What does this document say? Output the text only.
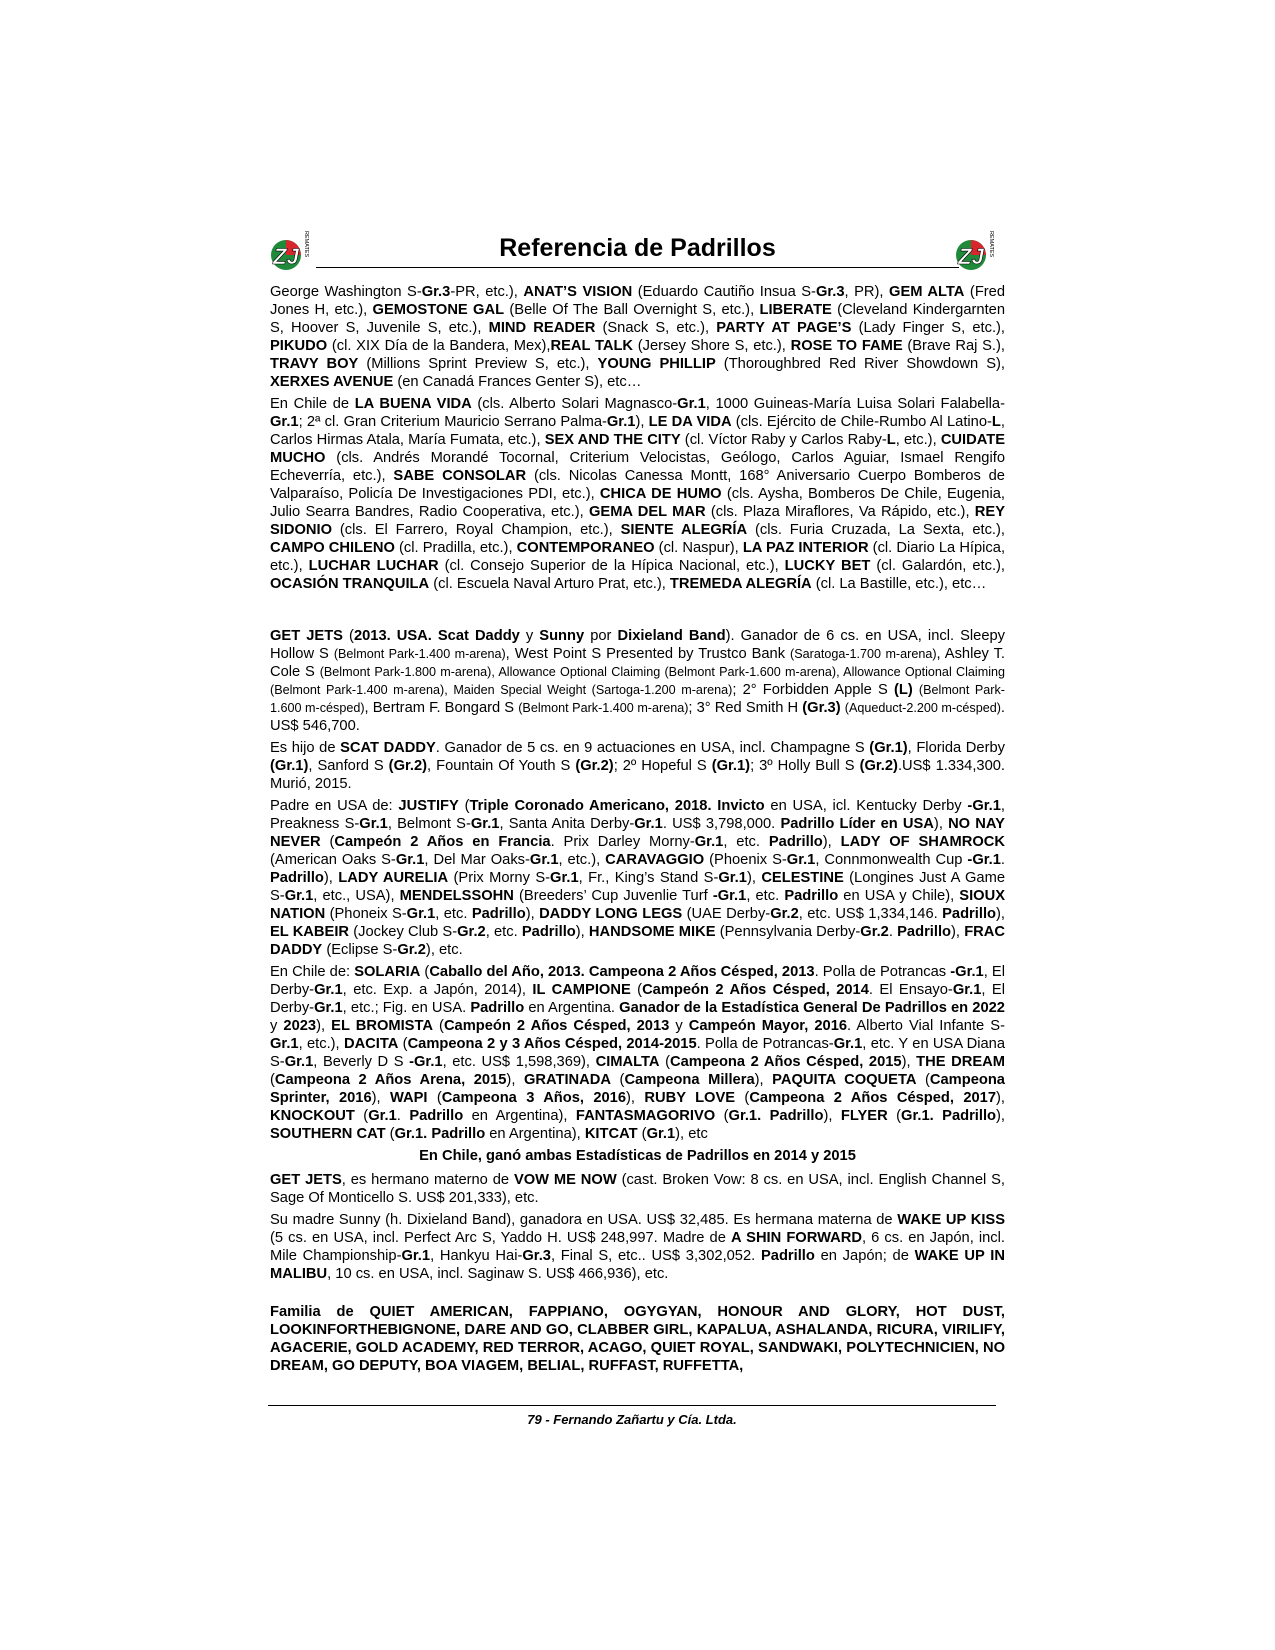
ZJ REMATES	Referencia de Padrillos	ZJ REMATES

George Washington S-Gr.3-PR, etc.), ANAT’S VISION (Eduardo Cautiño Insua S-Gr.3, PR), GEM ALTA (Fred Jones H, etc.), GEMOSTONE GAL (Belle Of The Ball Overnight S, etc.), LIBERATE (Cleveland Kindergarnten S, Hoover S, Juvenile S, etc.), MIND READER (Snack S, etc.), PARTY AT PAGE’S (Lady Finger S, etc.), PIKUDO (cl. XIX Día de la Bandera, Mex),REAL TALK (Jersey Shore S, etc.), ROSE TO FAME (Brave Raj S.), TRAVY BOY (Millions Sprint Preview S, etc.), YOUNG PHILLIP (Thoroughbred Red River Showdown S), XERXES AVENUE (en Canadá Frances Genter S), etc…

En Chile de LA BUENA VIDA (cls. Alberto Solari Magnasco-Gr.1, 1000 Guineas-María Luisa Solari Falabella-Gr.1; 2ª cl. Gran Criterium Mauricio Serrano Palma-Gr.1), LE DA VIDA (cls. Ejército de Chile-Rumbo Al Latino-L, Carlos Hirmas Atala, María Fumata, etc.), SEX AND THE CITY (cl. Víctor Raby y Carlos Raby-L, etc.), CUIDATE MUCHO (cls. Andrés Morandé Tocornal, Criterium Velocistas, Geólogo, Carlos Aguiar, Ismael Rengifo Echeverría, etc.), SABE CONSOLAR (cls. Nicolas Canessa Montt, 168° Aniversario Cuerpo Bomberos de Valparaíso, Policía De Investigaciones PDI, etc.), CHICA DE HUMO (cls. Aysha, Bomberos De Chile, Eugenia, Julio Searra Bandres, Radio Cooperativa, etc.), GEMA DEL MAR (cls. Plaza Miraflores, Va Rápido, etc.), REY SIDONIO (cls. El Farrero, Royal Champion, etc.), SIENTE ALEGRÍA (cls. Furia Cruzada, La Sexta, etc.), CAMPO CHILENO (cl. Pradilla, etc.), CONTEMPORANEO (cl. Naspur), LA PAZ INTERIOR (cl. Diario La Hípica, etc.), LUCHAR LUCHAR (cl. Consejo Superior de la Hípica Nacional, etc.), LUCKY BET (cl. Galardón, etc.), OCASIÓN TRANQUILA (cl. Escuela Naval Arturo Prat, etc.), TREMEDA ALEGRÍA (cl. La Bastille, etc.), etc…

GET JETS (2013. USA. Scat Daddy y Sunny por Dixieland Band). Ganador de 6 cs. en USA, incl. Sleepy Hollow S (Belmont Park-1.400 m-arena), West Point S Presented by Trustco Bank (Saratoga-1.700 m-arena), Ashley T. Cole S (Belmont Park-1.800 m-arena), Allowance Optional Claiming (Belmont Park-1.600 m-arena), Allowance Optional Claiming (Belmont Park-1.400 m-arena), Maiden Special Weight (Sartoga-1.200 m-arena); 2° Forbidden Apple S (L) (Belmont Park-1.600 m-césped), Bertram F. Bongard S (Belmont Park-1.400 m-arena); 3° Red Smith H (Gr.3) (Aqueduct-2.200 m-césped). US$ 546,700.

Es hijo de SCAT DADDY. Ganador de 5 cs. en 9 actuaciones en USA, incl. Champagne S (Gr.1), Florida Derby (Gr.1), Sanford S (Gr.2), Fountain Of Youth S (Gr.2); 2º Hopeful S (Gr.1); 3º Holly Bull S (Gr.2).US$ 1.334,300. Murió, 2015.

Padre en USA de: JUSTIFY (Triple Coronado Americano, 2018. Invicto en USA, icl. Kentucky Derby -Gr.1, Preakness S-Gr.1, Belmont S-Gr.1, Santa Anita Derby-Gr.1. US$ 3,798,000. Padrillo Líder en USA), NO NAY NEVER (Campeón 2 Años en Francia. Prix Darley Morny-Gr.1, etc. Padrillo), LADY OF SHAMROCK (American Oaks S-Gr.1, Del Mar Oaks-Gr.1, etc.), CARAVAGGIO (Phoenix S-Gr.1, Connmonwealth Cup -Gr.1. Padrillo), LADY AURELIA (Prix Morny S-Gr.1, Fr., King’s Stand S-Gr.1), CELESTINE (Longines Just A Game S-Gr.1, etc., USA), MENDELSSOHN (Breeders’ Cup Juvenlie Turf -Gr.1, etc. Padrillo en USA y Chile), SIOUX NATION (Phoneix S-Gr.1, etc. Padrillo), DADDY LONG LEGS (UAE Derby-Gr.2, etc. US$ 1,334,146. Padrillo), EL KABEIR (Jockey Club S-Gr.2, etc. Padrillo), HANDSOME MIKE (Pennsylvania Derby-Gr.2. Padrillo), FRAC DADDY (Eclipse S-Gr.2), etc.

En Chile de: SOLARIA (Caballo del Año, 2013. Campeona 2 Años Césped, 2013. Polla de Potrancas -Gr.1, El Derby-Gr.1, etc. Exp. a Japón, 2014), IL CAMPIONE (Campeón 2 Años Césped, 2014. El Ensayo-Gr.1, El Derby-Gr.1, etc.; Fig. en USA. Padrillo en Argentina. Ganador de la Estadística General De Padrillos en 2022 y 2023), EL BROMISTA (Campeón 2 Años Césped, 2013 y Campeón Mayor, 2016. Alberto Vial Infante S-Gr.1, etc.), DACITA (Campeona 2 y 3 Años Césped, 2014-2015. Polla de Potrancas-Gr.1, etc. Y en USA Diana S-Gr.1, Beverly D S -Gr.1, etc. US$ 1,598,369), CIMALTA (Campeona 2 Años Césped, 2015), THE DREAM (Campeona 2 Años Arena, 2015), GRATINADA (Campeona Millera), PAQUITA COQUETA (Campeona Sprinter, 2016), WAPI (Campeona 3 Años, 2016), RUBY LOVE (Campeona 2 Años Césped, 2017), KNOCKOUT (Gr.1. Padrillo en Argentina), FANTASMAGORIVO (Gr.1. Padrillo), FLYER (Gr.1. Padrillo), SOUTHERN CAT (Gr.1. Padrillo en Argentina), KITCAT (Gr.1), etc

En Chile, ganó ambas Estadísticas de Padrillos en 2014 y 2015

GET JETS, es hermano materno de VOW ME NOW (cast. Broken Vow: 8 cs. en USA, incl. English Channel S, Sage Of Monticello S. US$ 201,333), etc.

Su madre Sunny (h. Dixieland Band), ganadora en USA. US$ 32,485. Es hermana materna de WAKE UP KISS (5 cs. en USA, incl. Perfect Arc S, Yaddo H. US$ 248,997. Madre de A SHIN FORWARD, 6 cs. en Japón, incl. Mile Championship-Gr.1, Hankyu Hai-Gr.3, Final S, etc.. US$ 3,302,052. Padrillo en Japón; de WAKE UP IN MALIBU, 10 cs. en USA, incl. Saginaw S. US$ 466,936), etc.

Familia de QUIET AMERICAN, FAPPIANO, OGYGYAN, HONOUR AND GLORY, HOT DUST, LOOKINFORTHEBIGNONE, DARE AND GO, CLABBER GIRL, KAPALUA, ASHALANDA, RICURA, VIRILIFY, AGACERIE, GOLD ACADEMY, RED TERROR, ACAGO, QUIET ROYAL, SANDWAKI, POLYTECHNICIEN, NO DREAM, GO DEPUTY, BOA VIAGEM, BELIAL, RUFFAST, RUFFETTA,

79 - Fernando Zañartu y Cía. Ltda.
